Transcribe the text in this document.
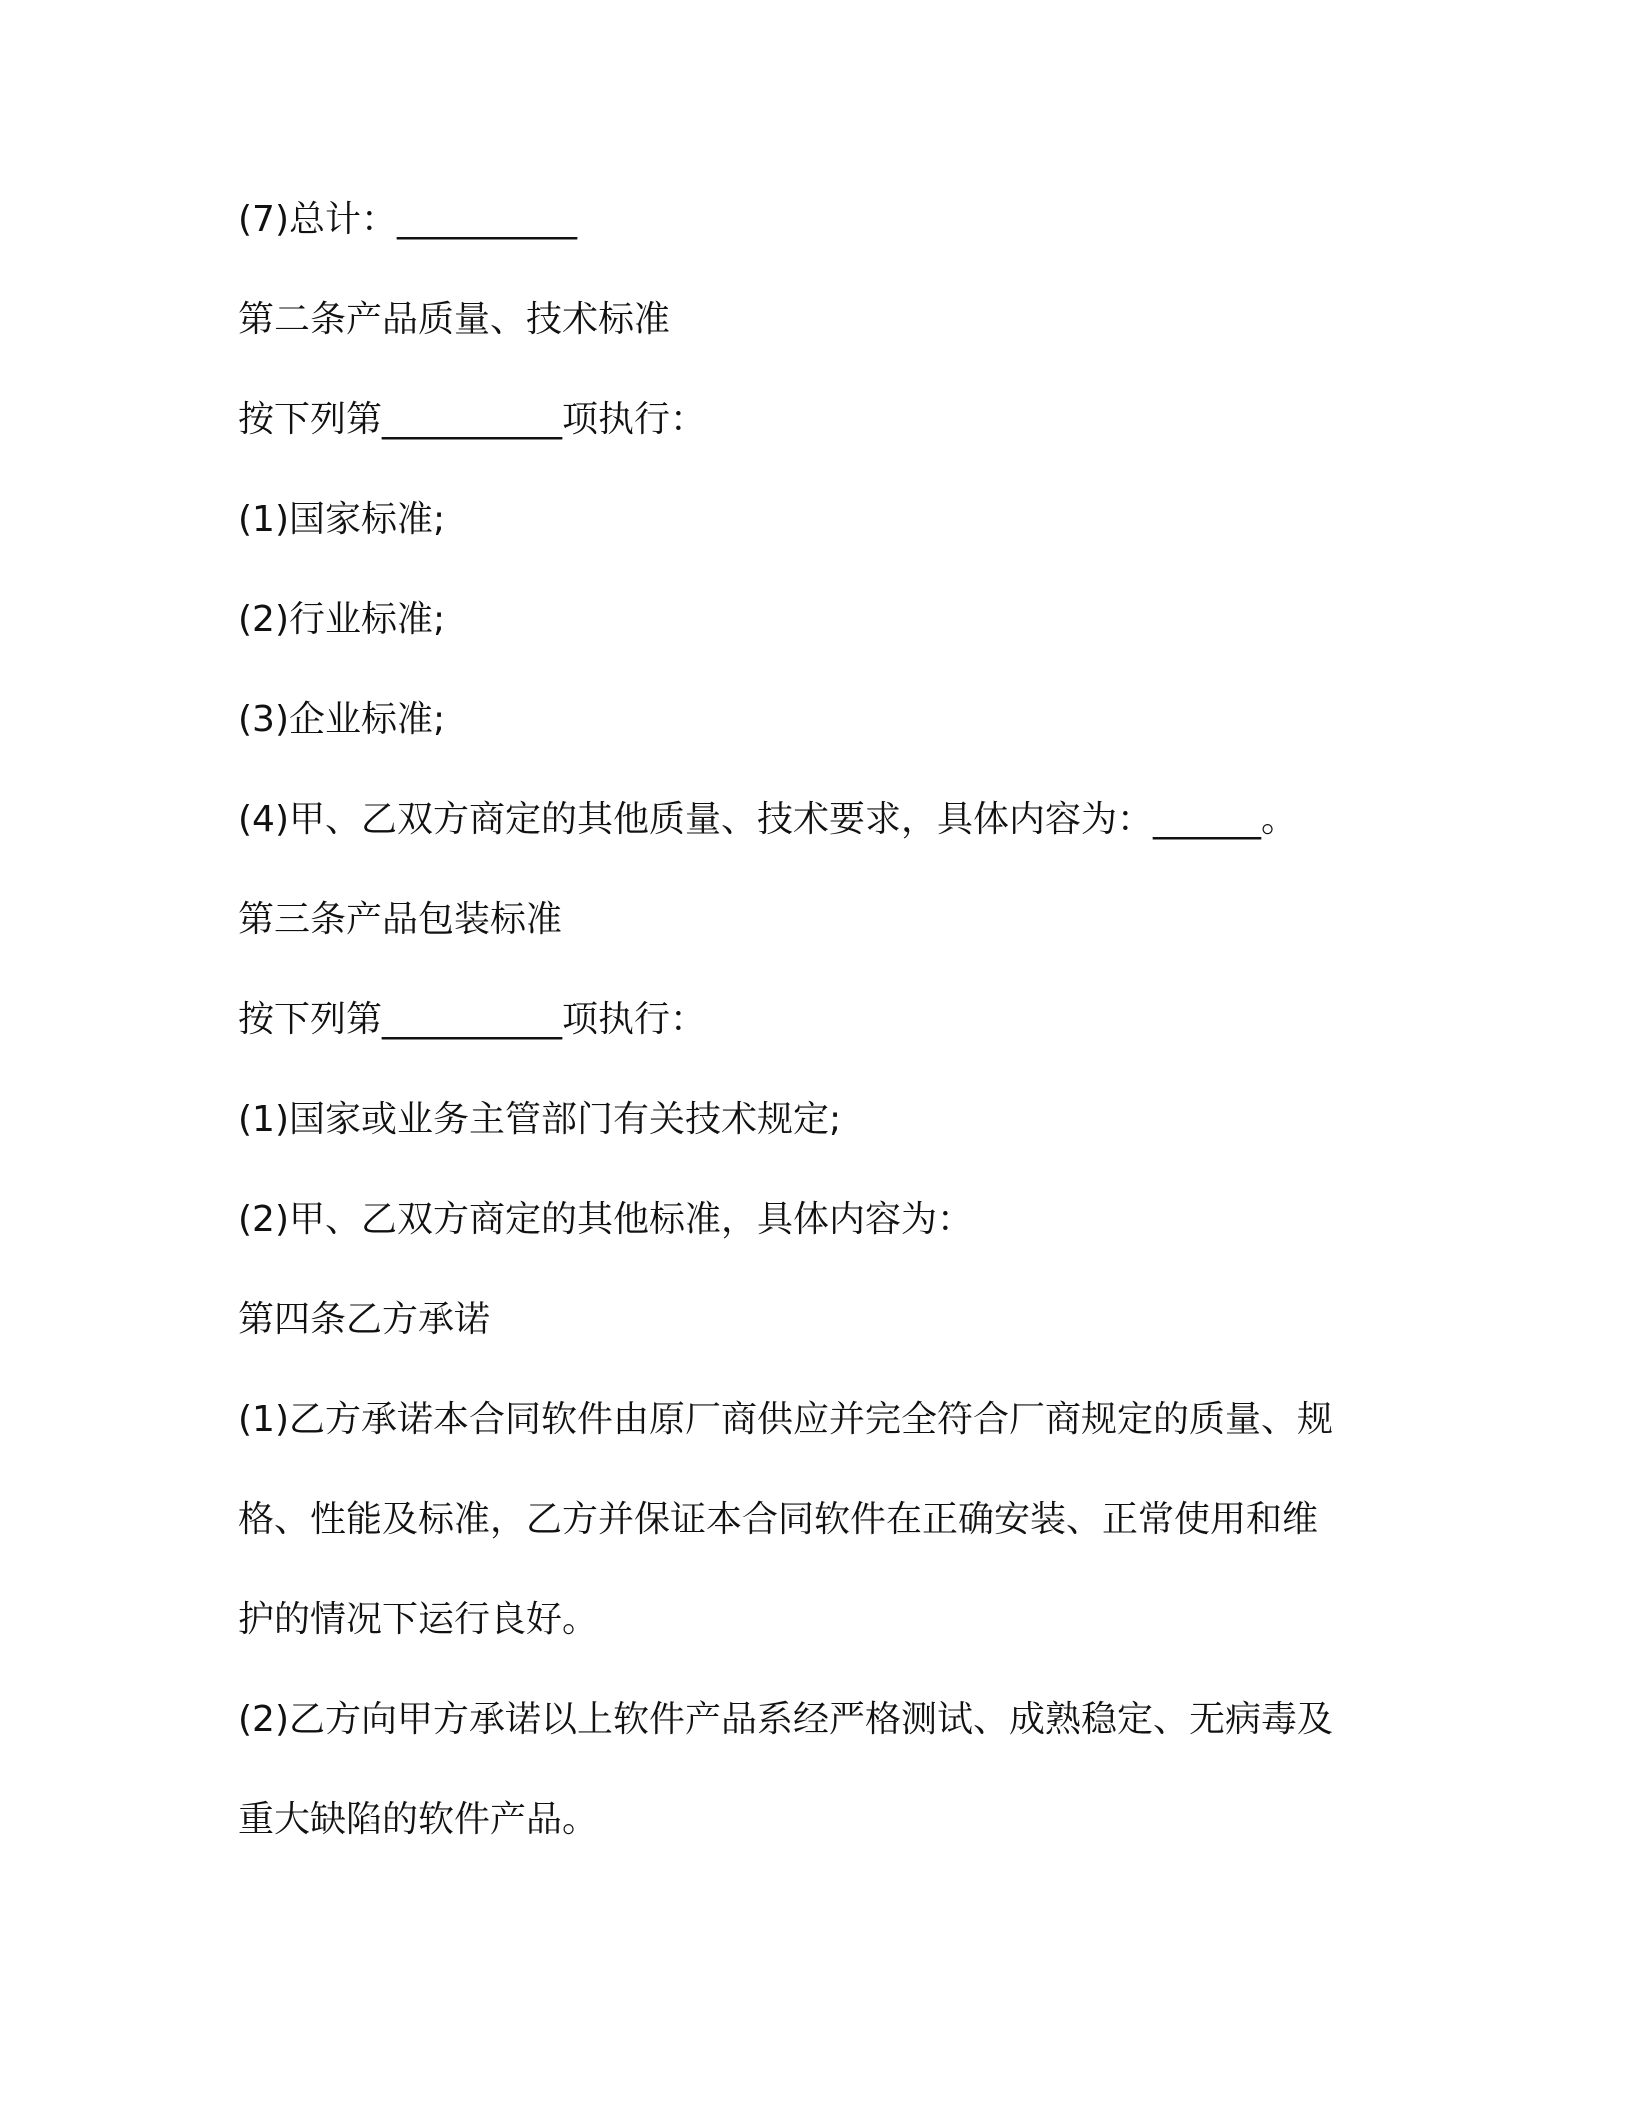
(7)总计：__________
第二条产品质量、技术标准
按下列第__________项执行：
(1)国家标准;
(2)行业标准;
(3)企业标准;
(4)甲、乙双方商定的其他质量、技术要求，具体内容为：______。
第三条产品包装标准
按下列第__________项执行：
(1)国家或业务主管部门有关技术规定;
(2)甲、乙双方商定的其他标准，具体内容为：
第四条乙方承诺
(1)乙方承诺本合同软件由原厂商供应并完全符合厂商规定的质量、规
格、性能及标准，乙方并保证本合同软件在正确安装、正常使用和维
护的情况下运行良好。
(2)乙方向甲方承诺以上软件产品系经严格测试、成熟稳定、无病毒及
重大缺陷的软件产品。
